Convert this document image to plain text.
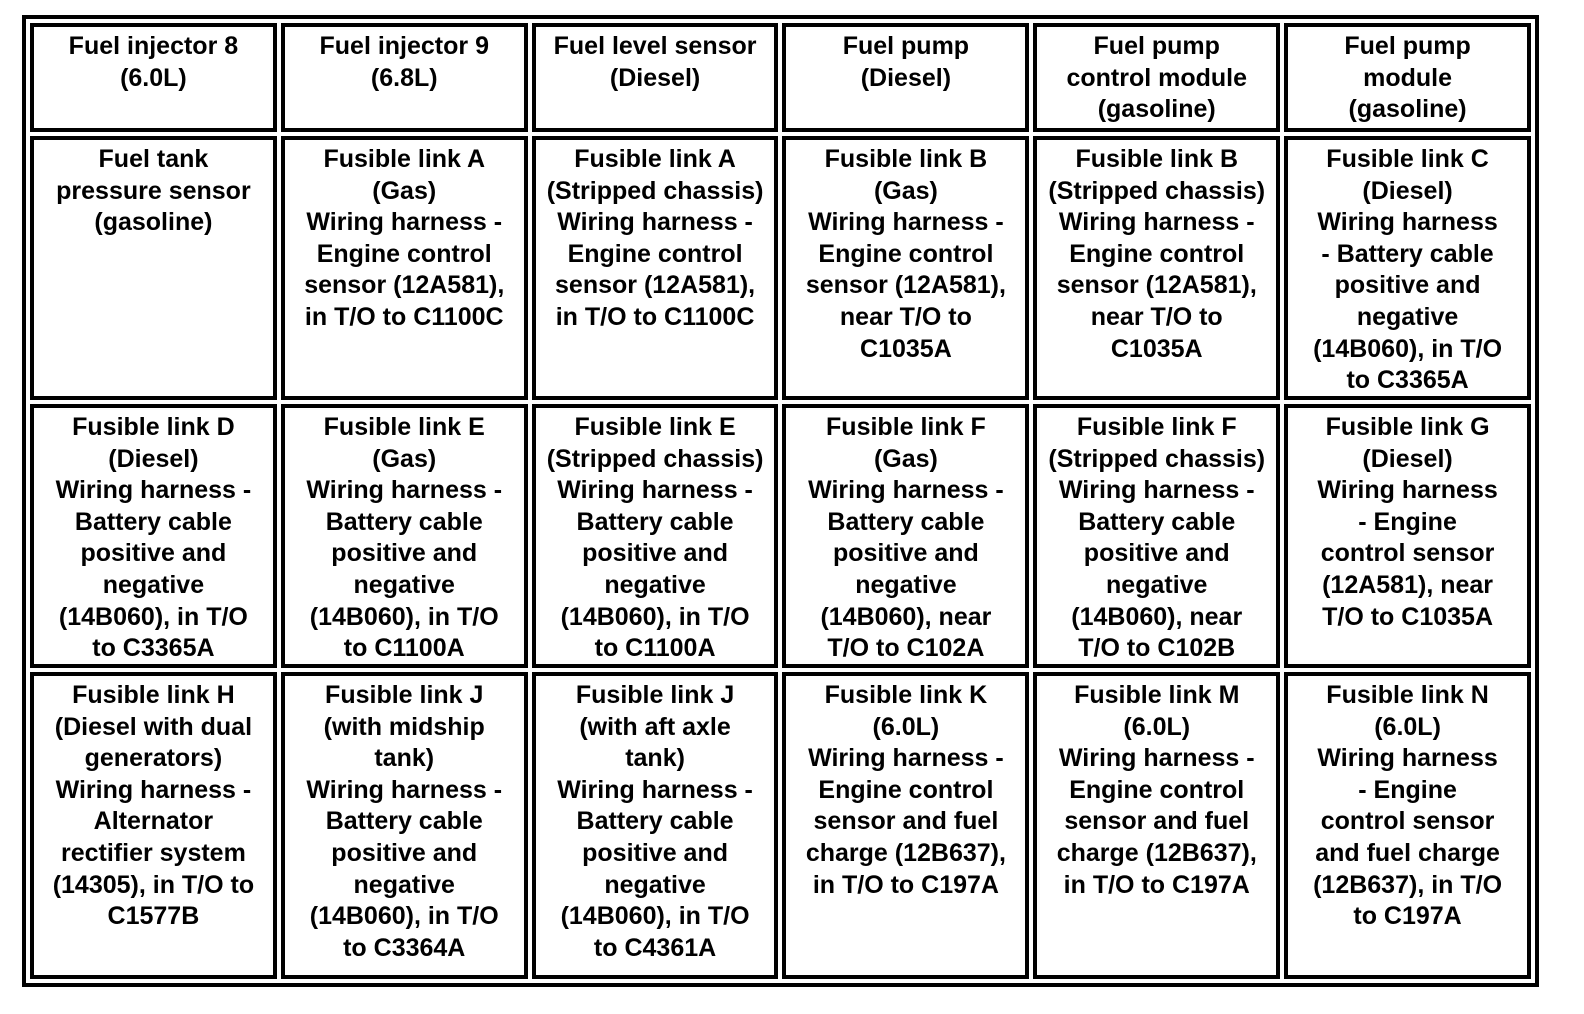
Fuel injector 8
(6.0L)
Fuel injector 9
(6.8L)
Fuel level sensor
(Diesel)
Fuel pump
(Diesel)
Fuel pump
control module
(gasoline)
Fuel pump
module
(gasoline)
Fuel tank
pressure sensor
(gasoline)
Fusible link A
(Gas)
Wiring harness -
Engine control
sensor (12A581),
in T/O to C1100C
Fusible link A
(Stripped chassis)
Wiring harness -
Engine control
sensor (12A581),
in T/O to C1100C
Fusible link B
(Gas)
Wiring harness -
Engine control
sensor (12A581),
near T/O to
C1035A
Fusible link B
(Stripped chassis)
Wiring harness -
Engine control
sensor (12A581),
near T/O to
C1035A
Fusible link C
(Diesel)
Wiring harness
- Battery cable
positive and
negative
(14B060), in T/O
to C3365A
Fusible link D
(Diesel)
Wiring harness -
Battery cable
positive and
negative
(14B060), in T/O
to C3365A
Fusible link E
(Gas)
Wiring harness -
Battery cable
positive and
negative
(14B060), in T/O
to C1100A
Fusible link E
(Stripped chassis)
Wiring harness -
Battery cable
positive and
negative
(14B060), in T/O
to C1100A
Fusible link F
(Gas)
Wiring harness -
Battery cable
positive and
negative
(14B060), near
T/O to C102A
Fusible link F
(Stripped chassis)
Wiring harness -
Battery cable
positive and
negative
(14B060), near
T/O to C102B
Fusible link G
(Diesel)
Wiring harness
- Engine
control sensor
(12A581), near
T/O to C1035A
Fusible link H
(Diesel with dual
generators)
Wiring harness -
Alternator
rectifier system
(14305), in T/O to
C1577B
Fusible link J
(with midship
tank)
Wiring harness -
Battery cable
positive and
negative
(14B060), in T/O
to C3364A
Fusible link J
(with aft axle
tank)
Wiring harness -
Battery cable
positive and
negative
(14B060), in T/O
to C4361A
Fusible link K
(6.0L)
Wiring harness -
Engine control
sensor and fuel
charge (12B637),
in T/O to C197A
Fusible link M
(6.0L)
Wiring harness -
Engine control
sensor and fuel
charge (12B637),
in T/O to C197A
Fusible link N
(6.0L)
Wiring harness
- Engine
control sensor
and fuel charge
(12B637), in T/O
to C197A
